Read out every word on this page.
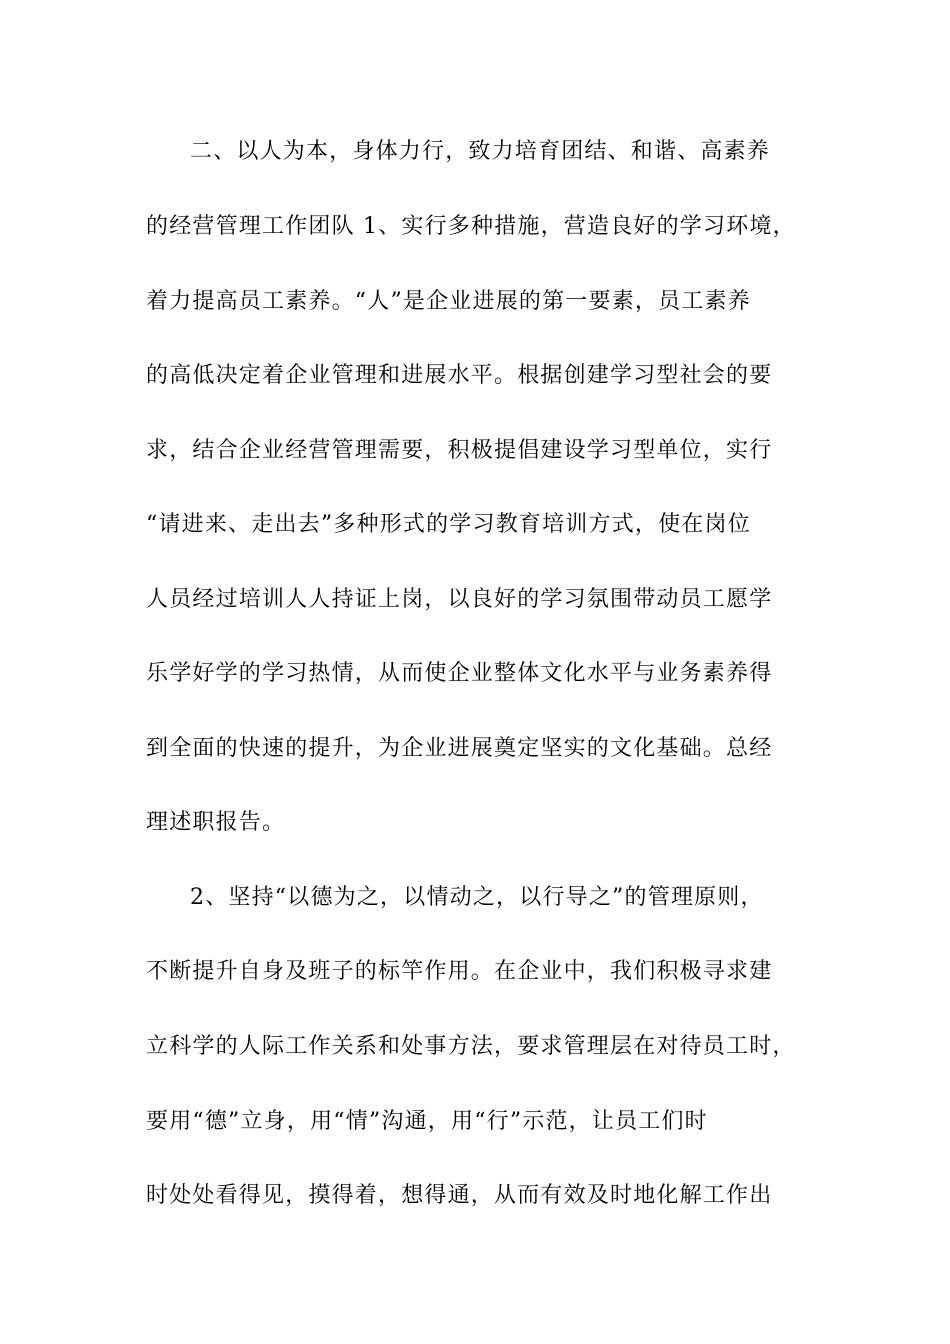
二、以人为本，身体力行，致力培育团结、和谐、高素养
的经营管理工作团队 1、实行多种措施，营造良好的学习环境，
着力提高员工素养。“人”是企业进展的第一要素，员工素养
的高低决定着企业管理和进展水平。根据创建学习型社会的要
求，结合企业经营管理需要，积极提倡建设学习型单位，实行
“请进来、走出去”多种形式的学习教育培训方式，使在岗位
人员经过培训人人持证上岗，以良好的学习氛围带动员工愿学
乐学好学的学习热情，从而使企业整体文化水平与业务素养得
到全面的快速的提升，为企业进展奠定坚实的文化基础。总经
理述职报告。
2、坚持“以德为之，以情动之，以行导之”的管理原则，
不断提升自身及班子的标竿作用。在企业中，我们积极寻求建
立科学的人际工作关系和处事方法，要求管理层在对待员工时，
要用“德”立身，用“情”沟通，用“行”示范，让员工们时
时处处看得见，摸得着，想得通，从而有效及时地化解工作出
